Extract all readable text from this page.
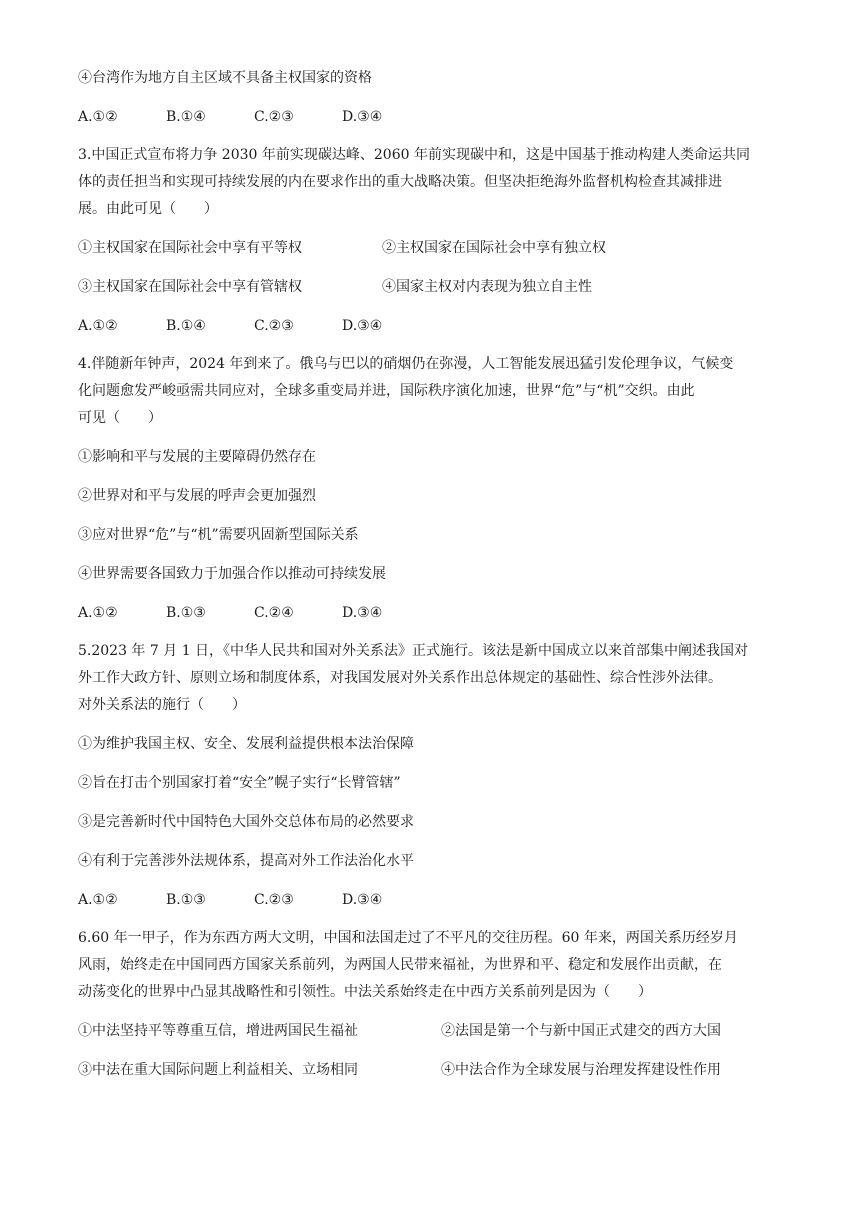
④台湾作为地方自主区域不具备主权国家的资格
A.①②	B.①④	C.②③	D.③④
3.中国正式宣布将力争 2030 年前实现碳达峰、2060 年前实现碳中和，这是中国基于推动构建人类命运共同
体的责任担当和实现可持续发展的内在要求作出的重大战略决策。但坚决拒绝海外监督机构检查其减排进
展。由此可见（　　）
①主权国家在国际社会中享有平等权	②主权国家在国际社会中享有独立权
③主权国家在国际社会中享有管辖权	④国家主权对内表现为独立自主性
A.①②	B.①④	C.②③	D.③④
4.伴随新年钟声，2024 年到来了。俄乌与巴以的硝烟仍在弥漫，人工智能发展迅猛引发伦理争议，气候变
化问题愈发严峻亟需共同应对，全球多重变局并进，国际秩序演化加速，世界“危”与“机”交织。由此
可见（　　）
①影响和平与发展的主要障碍仍然存在
②世界对和平与发展的呼声会更加强烈
③应对世界“危”与“机”需要巩固新型国际关系
④世界需要各国致力于加强合作以推动可持续发展
A.①②	B.①③	C.②④	D.③④
5.2023 年 7 月 1 日，《中华人民共和国对外关系法》正式施行。该法是新中国成立以来首部集中阐述我国对
外工作大政方针、原则立场和制度体系，对我国发展对外关系作出总体规定的基础性、综合性涉外法律。
对外关系法的施行（　　）
①为维护我国主权、安全、发展利益提供根本法治保障
②旨在打击个别国家打着“安全”幌子实行“长臂管辖”
③是完善新时代中国特色大国外交总体布局的必然要求
④有利于完善涉外法规体系，提高对外工作法治化水平
A.①②	B.①③	C.②③	D.③④
6.60 年一甲子，作为东西方两大文明，中国和法国走过了不平凡的交往历程。60 年来，两国关系历经岁月
风雨，始终走在中国同西方国家关系前列，为两国人民带来福祉，为世界和平、稳定和发展作出贡献，在
动荡变化的世界中凸显其战略性和引领性。中法关系始终走在中西方关系前列是因为（　　）
①中法坚持平等尊重互信，增进两国民生福祉	②法国是第一个与新中国正式建交的西方大国
③中法在重大国际问题上利益相关、立场相同	④中法合作为全球发展与治理发挥建设性作用
